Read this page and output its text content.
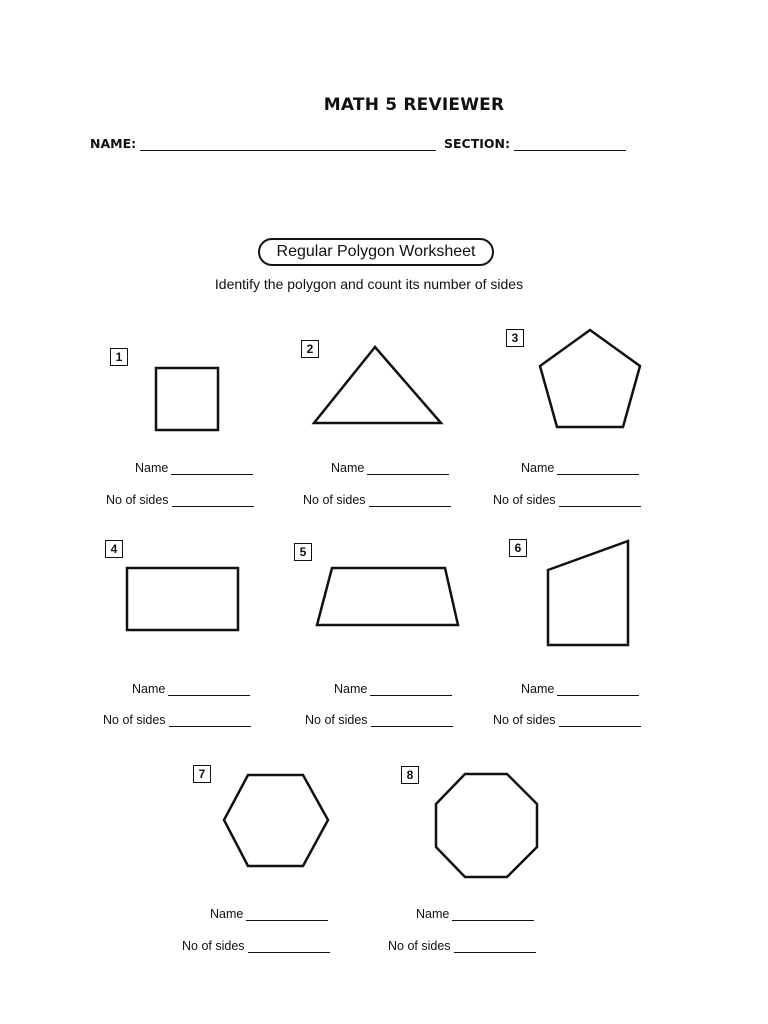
MATH 5 REVIEWER
NAME:	SECTION:
Regular Polygon Worksheet
Identify the polygon and count its number of sides
1
Name
No of sides
2
Name
No of sides
3
Name
No of sides
4
Name
No of sides
5
Name
No of sides
6
Name
No of sides
7
Name
No of sides
8
Name
No of sides
